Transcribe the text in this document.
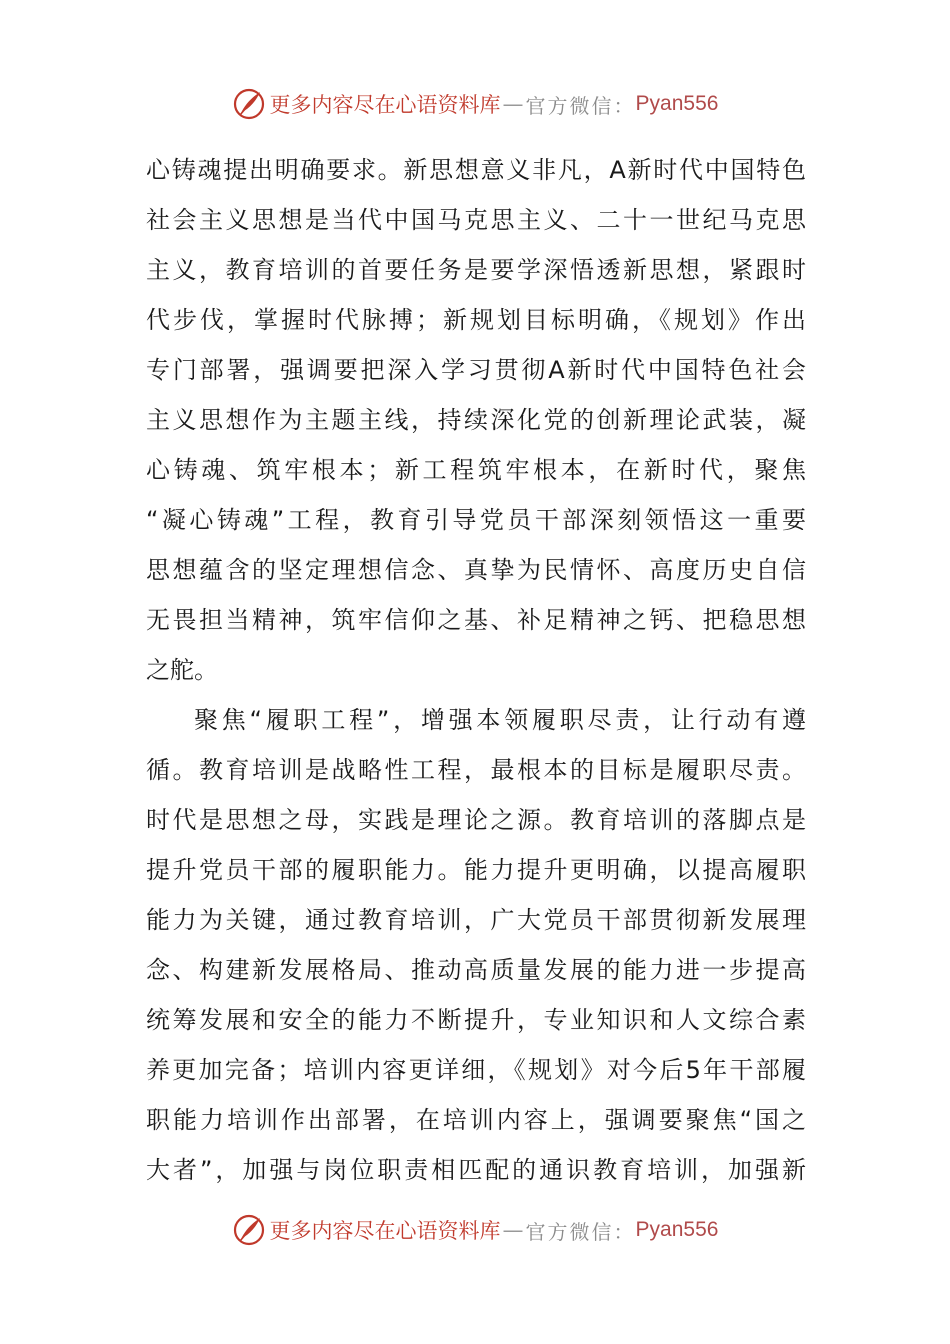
更多内容尽在心语资料库 — 官方微信： Pyan556
心铸魂提出明确要求。新思想意义非凡，A新时代中国特色
社会主义思想是当代中国马克思主义、二十一世纪马克思
主义，教育培训的首要任务是要学深悟透新思想，紧跟时
代步伐，掌握时代脉搏；新规划目标明确，《规划》作出
专门部署，强调要把深入学习贯彻A新时代中国特色社会
主义思想作为主题主线，持续深化党的创新理论武装，凝
心铸魂、筑牢根本；新工程筑牢根本，在新时代，聚焦
“凝心铸魂”工程，教育引导党员干部深刻领悟这一重要
思想蕴含的坚定理想信念、真挚为民情怀、高度历史自信
无畏担当精神，筑牢信仰之基、补足精神之钙、把稳思想
之舵。
聚焦“履职工程”，增强本领履职尽责，让行动有遵
循。教育培训是战略性工程，最根本的目标是履职尽责。
时代是思想之母，实践是理论之源。教育培训的落脚点是
提升党员干部的履职能力。能力提升更明确，以提高履职
能力为关键，通过教育培训，广大党员干部贯彻新发展理
念、构建新发展格局、推动高质量发展的能力进一步提高
统筹发展和安全的能力不断提升，专业知识和人文综合素
养更加完备；培训内容更详细，《规划》对今后5年干部履
职能力培训作出部署，在培训内容上，强调要聚焦“国之
大者”，加强与岗位职责相匹配的通识教育培训，加强新
更多内容尽在心语资料库 — 官方微信： Pyan556
